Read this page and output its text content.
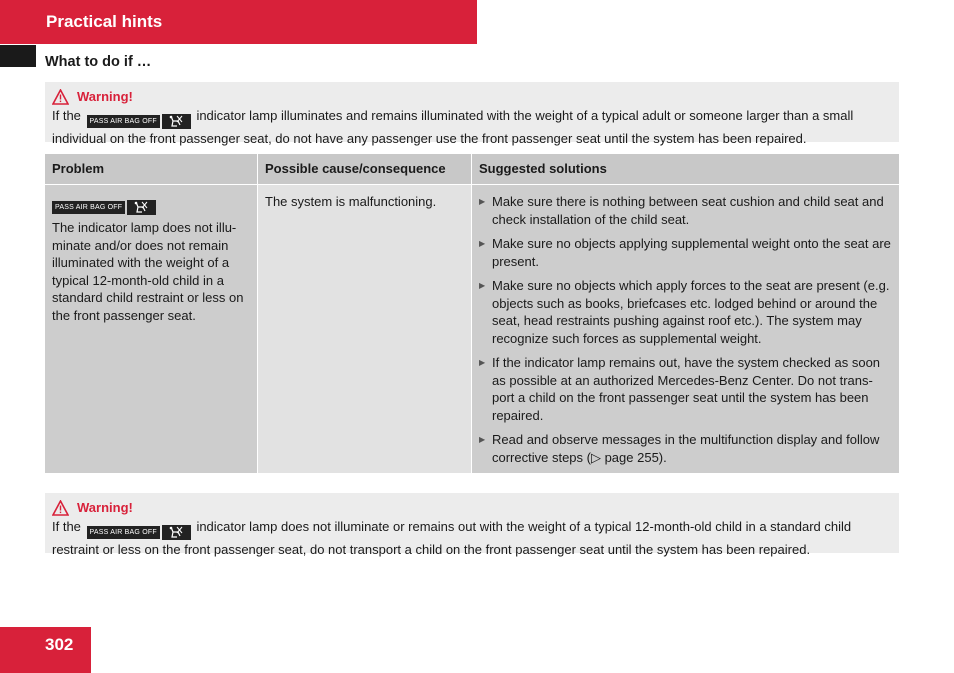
Practical hints
What to do if …
Warning!
If the	PASS AIR BAG OFF	indicator lamp illuminates and remains illuminated with the weight of a typical adult or someone larger than a small individual on the front passenger seat, do not have any passenger use the front passenger seat until the system has been repaired.
Problem	Possible cause/consequence	Suggested solutions
PASS AIR BAG OFF
The indicator lamp does not illu-minate and/or does not remain illuminated with the weight of a typical 12-month-old child in a standard child restraint or less on the front passenger seat.
The system is malfunctioning.
▶	Make sure there is nothing between seat cushion and child seat and check installation of the child seat.
▶ Make sure no objects applying supplemental weight onto the seat are present.
▶ Make sure no objects which apply forces to the seat are present (e.g. objects such as books, briefcases etc. lodged behind or around the seat, head restraints pushing against roof etc.). The system may recognize such forces as supplemental weight.
▶ If the indicator lamp remains out, have the system checked as soon as possible at an authorized Mercedes-Benz Center. Do not trans-port a child on the front passenger seat until the system has been repaired.
▶ Read and observe messages in the multifunction display and follow corrective steps (▷ page 255).
Warning!
If the	PASS AIR BAG OFF	indicator lamp does not illuminate or remains out with the weight of a typical 12-month-old child in a standard child restraint or less on the front passenger seat, do not transport a child on the front passenger seat until the system has been repaired.
302
